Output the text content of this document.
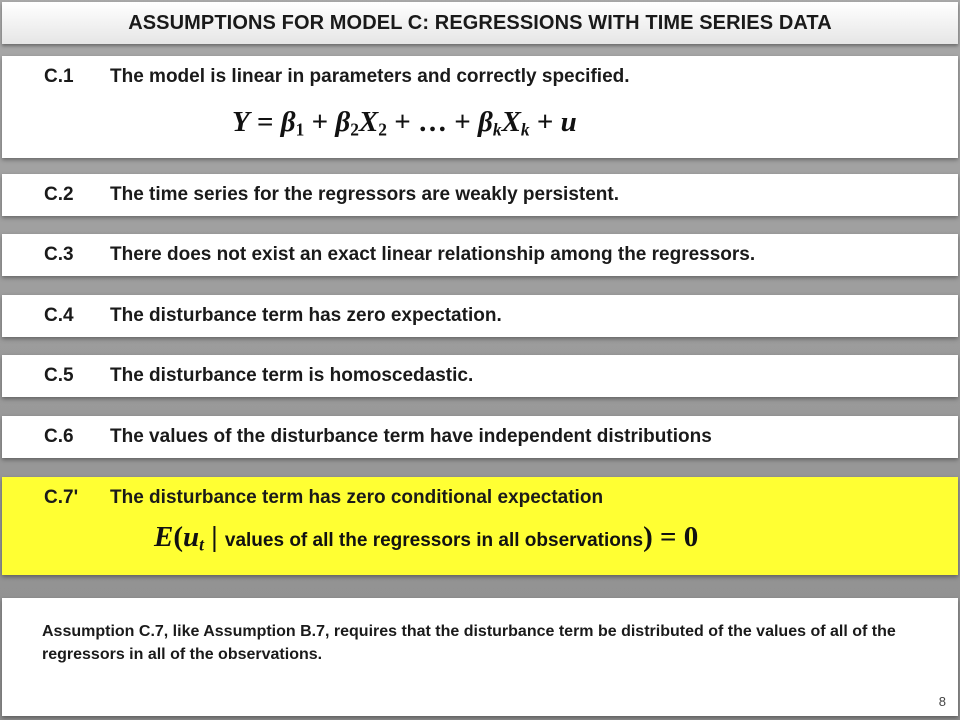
ASSUMPTIONS FOR MODEL C: REGRESSIONS WITH TIME SERIES DATA
C.1	The model is linear in parameters and correctly specified.
$Y = \beta_1 + \beta_2X_2$ + … + $\beta_kX_k + u$
C.2	The time series for the regressors are weakly persistent.
C.3	There does not exist an exact linear relationship among the regressors.
C.4	The disturbance term has zero expectation.
C.5	The disturbance term is homoscedastic.
C.6	The values of the disturbance term have independent distributions
C.7'	The disturbance term has zero conditional expectation
$E(u_t$ | values of all the regressors in all observations) = 0
Assumption C.7, like Assumption B.7, requires that the disturbance term be distributed of the values of all of the regressors in all of the observations.
8
